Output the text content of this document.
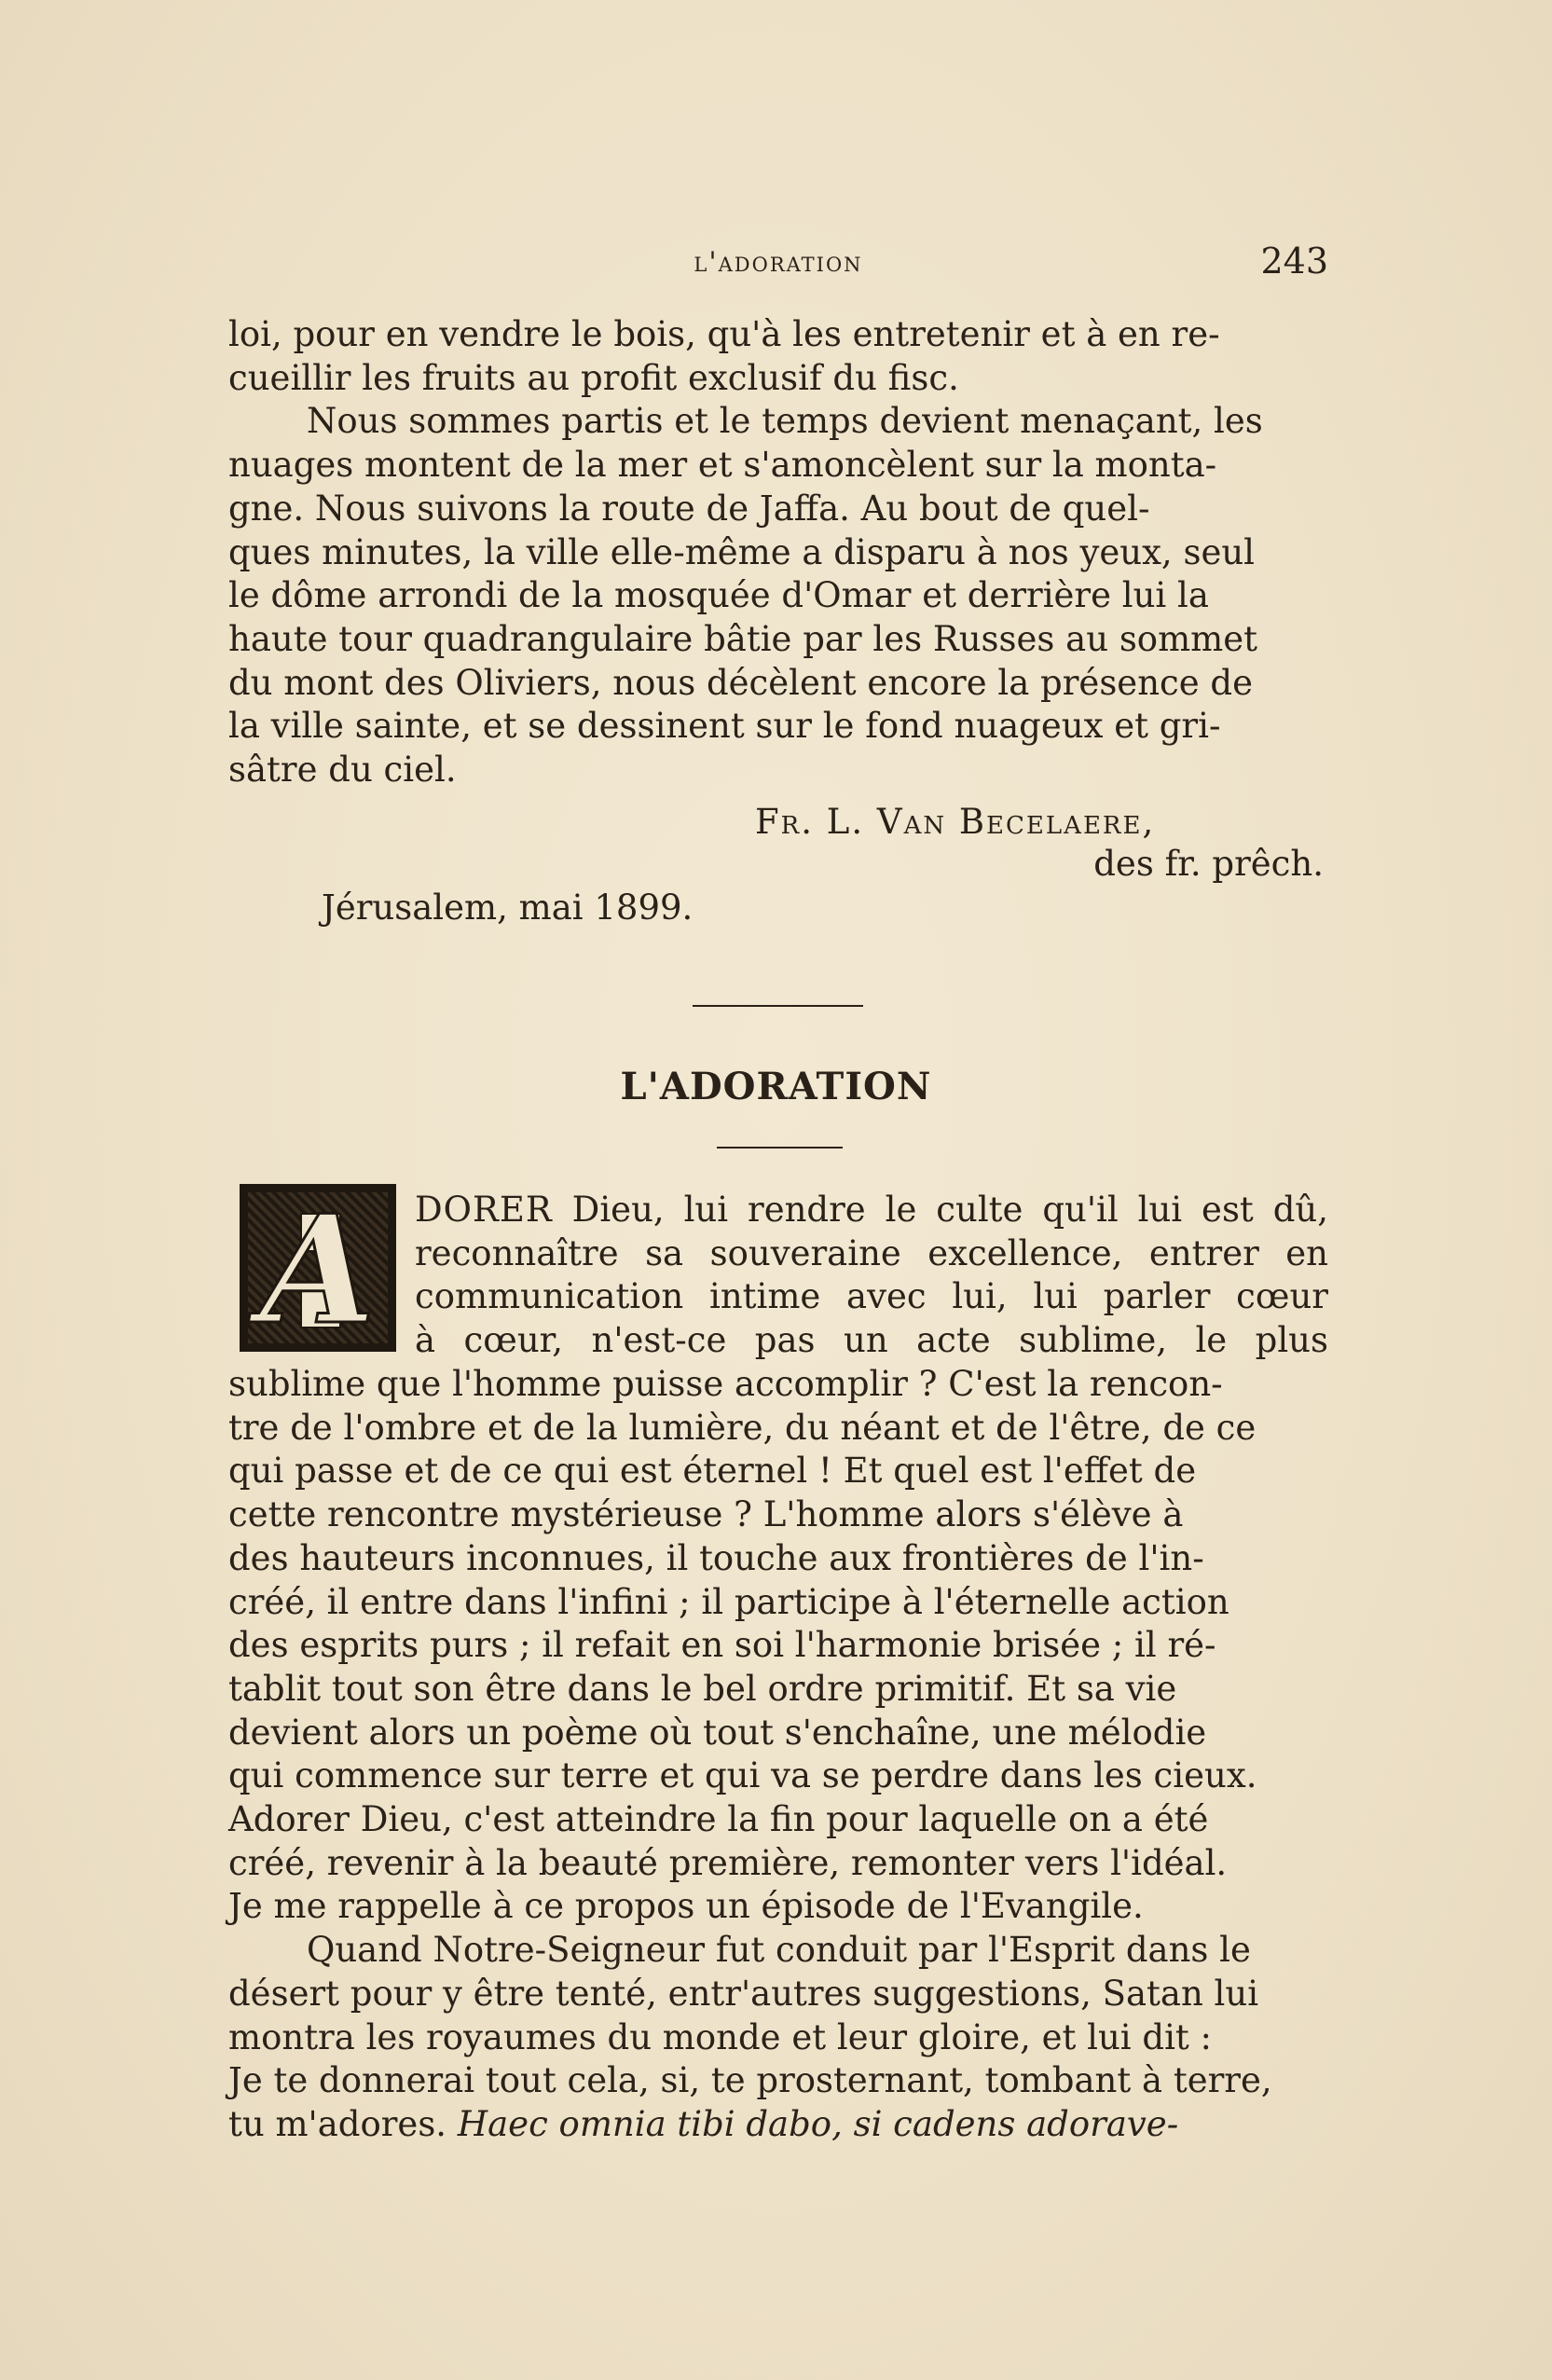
l'adoration	243

loi, pour en vendre le bois, qu'à les entretenir et à en re-

cueillir les fruits au profit exclusif du fisc.

Nous sommes partis et le temps devient menaçant, les

nuages montent de la mer et s'amoncèlent sur la monta-

gne. Nous suivons la route de Jaffa. Au bout de quel-

ques minutes, la ville elle-même a disparu à nos yeux, seul

le dôme arrondi de la mosquée d'Omar et derrière lui la

haute tour quadrangulaire bâtie par les Russes au sommet

du mont des Oliviers, nous décèlent encore la présence de

la ville sainte, et se dessinent sur le fond nuageux et gri-

sâtre du ciel.

Fr. L. Van Becelaere,
des fr. prêch.
Jérusalem, mai 1899.
L'ADORATION
A	DORER Dieu, lui rendre le culte qu'il lui est dû,

reconnaître sa souveraine excellence, entrer en

communication intime avec lui, lui parler cœur

à cœur, n'est-ce pas un acte sublime, le plus

sublime que l'homme puisse accomplir ? C'est la rencon-

tre de l'ombre et de la lumière, du néant et de l'être, de ce

qui passe et de ce qui est éternel ! Et quel est l'effet de

cette rencontre mystérieuse ? L'homme alors s'élève à

des hauteurs inconnues, il touche aux frontières de l'in-

créé, il entre dans l'infini ; il participe à l'éternelle action

des esprits purs ; il refait en soi l'harmonie brisée ; il ré-

tablit tout son être dans le bel ordre primitif. Et sa vie

devient alors un poème où tout s'enchaîne, une mélodie

qui commence sur terre et qui va se perdre dans les cieux.

Adorer Dieu, c'est atteindre la fin pour laquelle on a été

créé, revenir à la beauté première, remonter vers l'idéal.

Je me rappelle à ce propos un épisode de l'Evangile.

Quand Notre-Seigneur fut conduit par l'Esprit dans le

désert pour y être tenté, entr'autres suggestions, Satan lui

montra les royaumes du monde et leur gloire, et lui dit :

Je te donnerai tout cela, si, te prosternant, tombant à terre,

tu m'adores. Haec omnia tibi dabo, si cadens adorave-
